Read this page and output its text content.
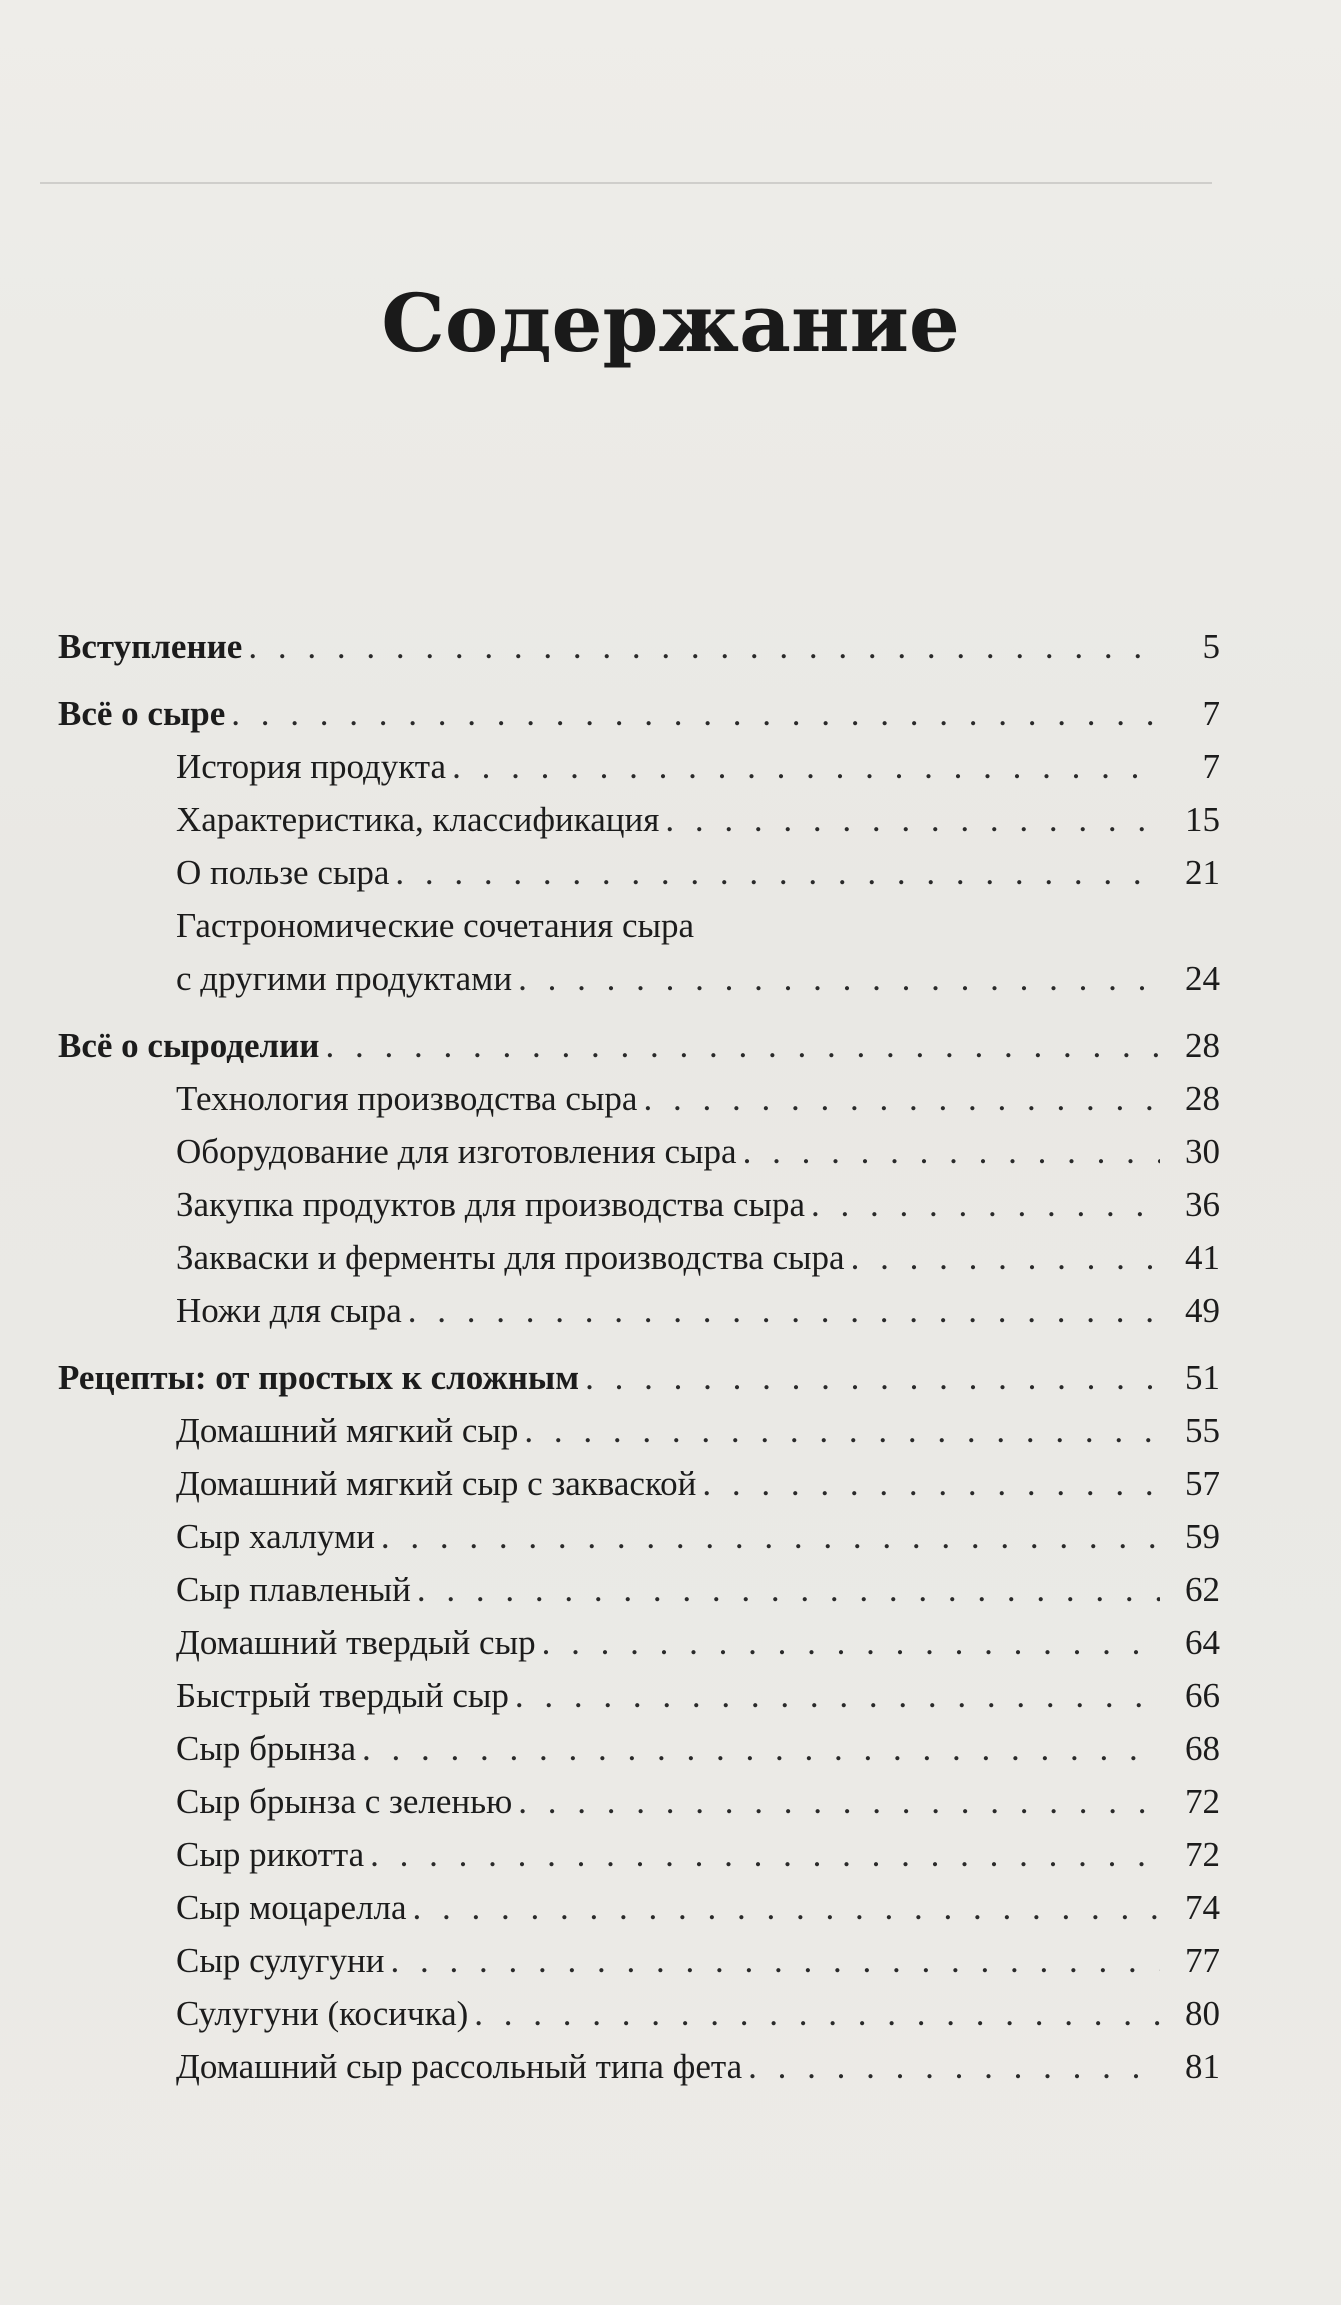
Содержание
Вступление . . .	5
Всё о сыре . . .	7
История продукта . . .	7
Характеристика, классификация . . .	15
О пользе сыра . . .	21
Гастрономические сочетания сыра
с другими продуктами . . .	24
Всё о сыроделии . . .	28
Технология производства сыра . . .	28
Оборудование для изготовления сыра . . .	30
Закупка продуктов для производства сыра . . .	36
Закваски и ферменты для производства сыра . . .	41
Ножи для сыра . . .	49
Рецепты: от простых к сложным . . .	51
Домашний мягкий сыр . . .	55
Домашний мягкий сыр с закваской . . .	57
Сыр халлуми . . .	59
Сыр плавленый . . .	62
Домашний твердый сыр . . .	64
Быстрый твердый сыр . . .	66
Сыр брынза . . .	68
Сыр брынза с зеленью . . .	72
Сыр рикотта . . .	72
Сыр моцарелла . . .	74
Сыр сулугуни . . .	77
Сулугуни (косичка) . . .	80
Домашний сыр рассольный типа фета . . .	81
